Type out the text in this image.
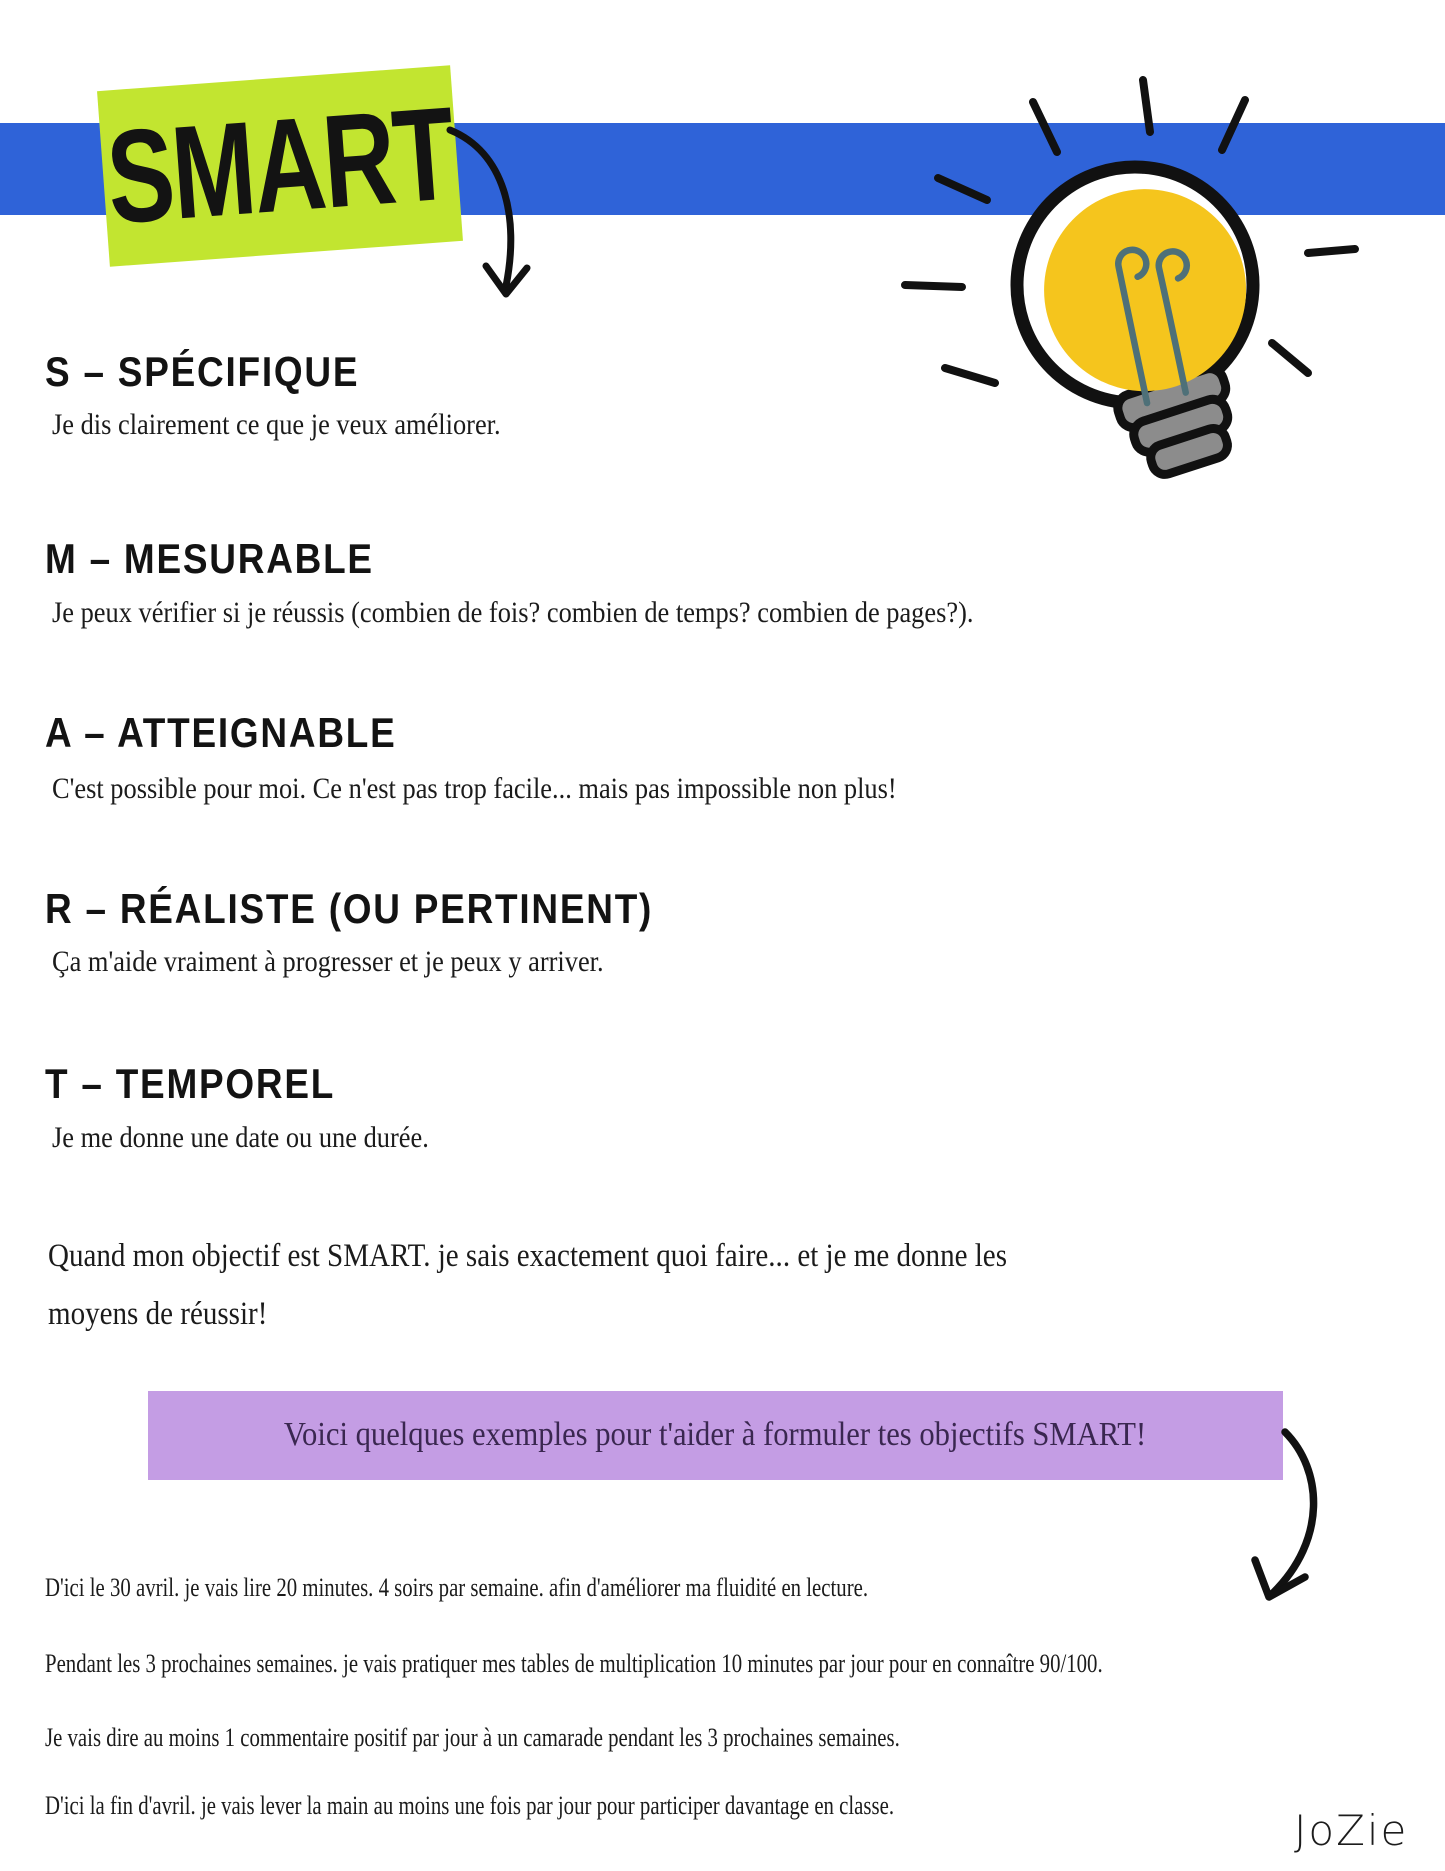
SMART
S – SPÉCIFIQUE
Je dis clairement ce que je veux améliorer.
M – MESURABLE
Je peux vérifier si je réussis (combien de fois? combien de temps? combien de pages?).
A – ATTEIGNABLE
C'est possible pour moi. Ce n'est pas trop facile... mais pas impossible non plus!
R – RÉALISTE (OU PERTINENT)
Ça m'aide vraiment à progresser et je peux y arriver.
T – TEMPOREL
Je me donne une date ou une durée.
Quand mon objectif est SMART. je sais exactement quoi faire... et je me donne les
moyens de réussir!
Voici quelques exemples pour t'aider à formuler tes objectifs SMART!
D'ici le 30 avril. je vais lire 20 minutes. 4 soirs par semaine. afin d'améliorer ma fluidité en lecture.
Pendant les 3 prochaines semaines. je vais pratiquer mes tables de multiplication 10 minutes par jour pour en connaître 90/100.
Je vais dire au moins 1 commentaire positif par jour à un camarade pendant les 3 prochaines semaines.
D'ici la fin d'avril. je vais lever la main au moins une fois par jour pour participer davantage en classe.
JoZie
